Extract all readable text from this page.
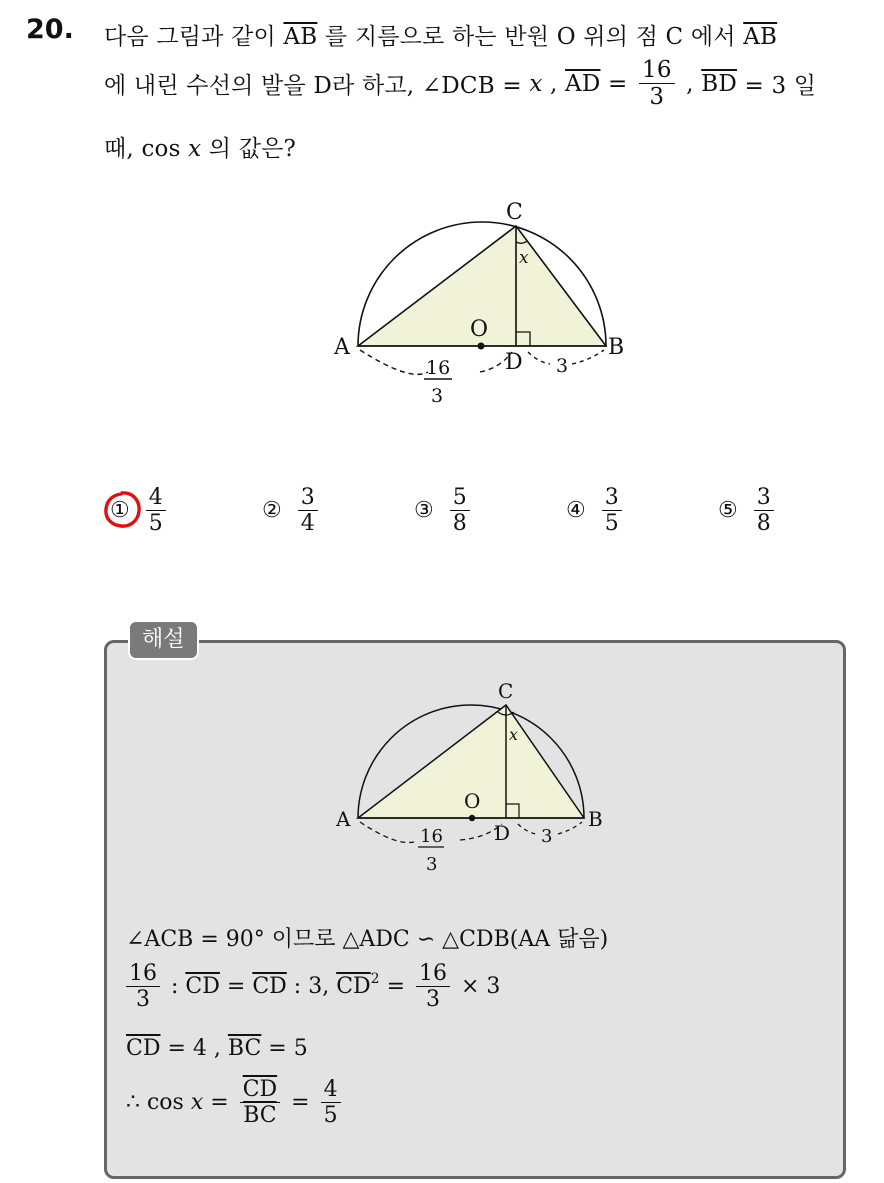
20. 다음 그림과 같이 $\overline{AB}$ 를 지름으로 하는 반원 O 위의 점 C 에서 $\overline{AB}$
에 내린 수선의 발을 D라 하고, ∠DCB = x , $\overline{AD} = \frac{16}{3}$ , $\overline{BD} = 3$ 일
때, cos x 의 값은?
A	B
C
D
O
x
3
16
3
① $\frac{4}{5}$	② $\frac{3}{4}$	③ $\frac{5}{8}$	④ $\frac{3}{5}$	⑤ $\frac{3}{8}$
해설
A	B
C
D
O
x
3
16
3
∠ACB = 90° 이므로 △ADC ∽ △CDB(AA 닮음)
$\frac{16}{3}$ : $\overline{CD} = \overline{CD}$ : 3, $\overline{CD}^2 = \frac{16}{3} \times 3$
$\overline{CD} = 4$ , $\overline{BC} = 5$
∴ $\cos x = \frac{\overline{CD}}{BC} = \frac{4}{5}$
